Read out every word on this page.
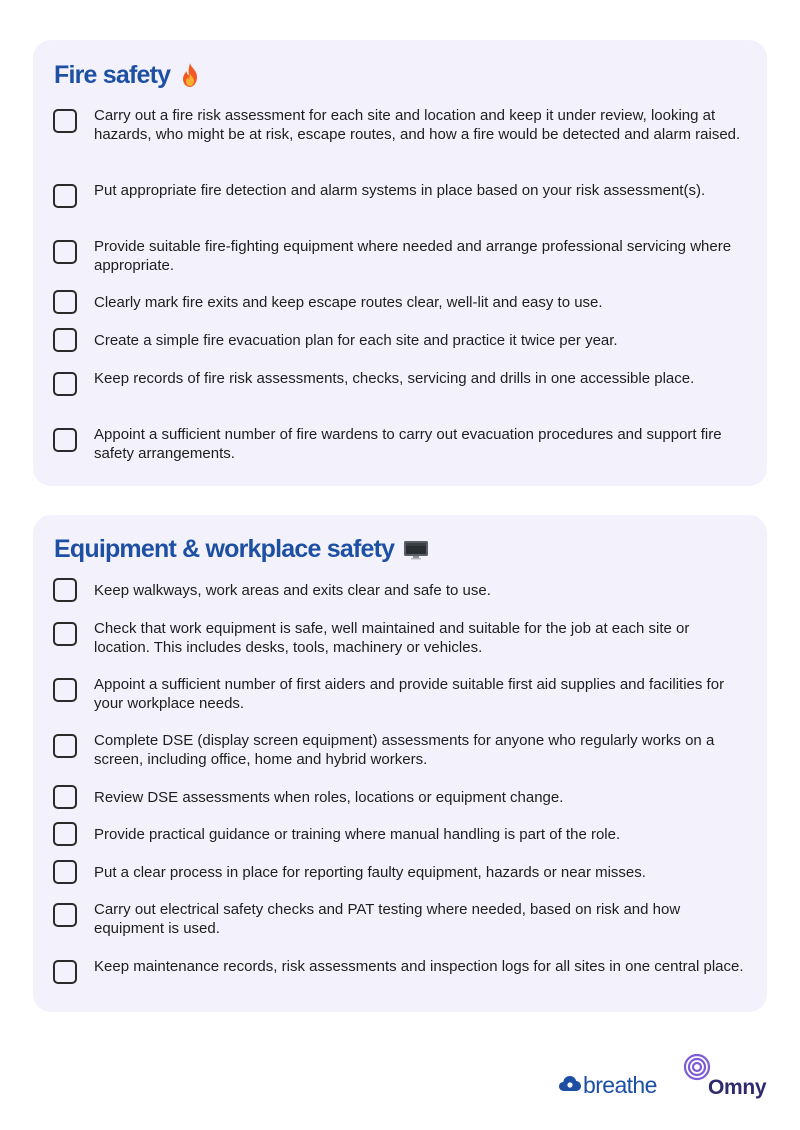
Fire safety

Carry out a fire risk assessment for each site and location and keep it under review, looking at hazards, who might be at risk, escape routes, and how a fire would be detected and alarm raised.

Put appropriate fire detection and alarm systems in place based on your risk assessment(s).

Provide suitable fire-fighting equipment where needed and arrange professional servicing where appropriate.

Clearly mark fire exits and keep escape routes clear, well-lit and easy to use.

Create a simple fire evacuation plan for each site and practice it twice per year.

Keep records of fire risk assessments, checks, servicing and drills in one accessible place.

Appoint a sufficient number of fire wardens to carry out evacuation procedures and support fire safety arrangements.

Equipment & workplace safety

Keep walkways, work areas and exits clear and safe to use.

Check that work equipment is safe, well maintained and suitable for the job at each site or location. This includes desks, tools, machinery or vehicles.

Appoint a sufficient number of first aiders and provide suitable first aid supplies and facilities for your workplace needs.

Complete DSE (display screen equipment) assessments for anyone who regularly works on a screen, including office, home and hybrid workers.

Review DSE assessments when roles, locations or equipment change.

Provide practical guidance or training where manual handling is part of the role.

Put a clear process in place for reporting faulty equipment, hazards or near misses.

Carry out electrical safety checks and PAT testing where needed, based on risk and how equipment is used.

Keep maintenance records, risk assessments and inspection logs for all sites in one central place.

breathe Omny
